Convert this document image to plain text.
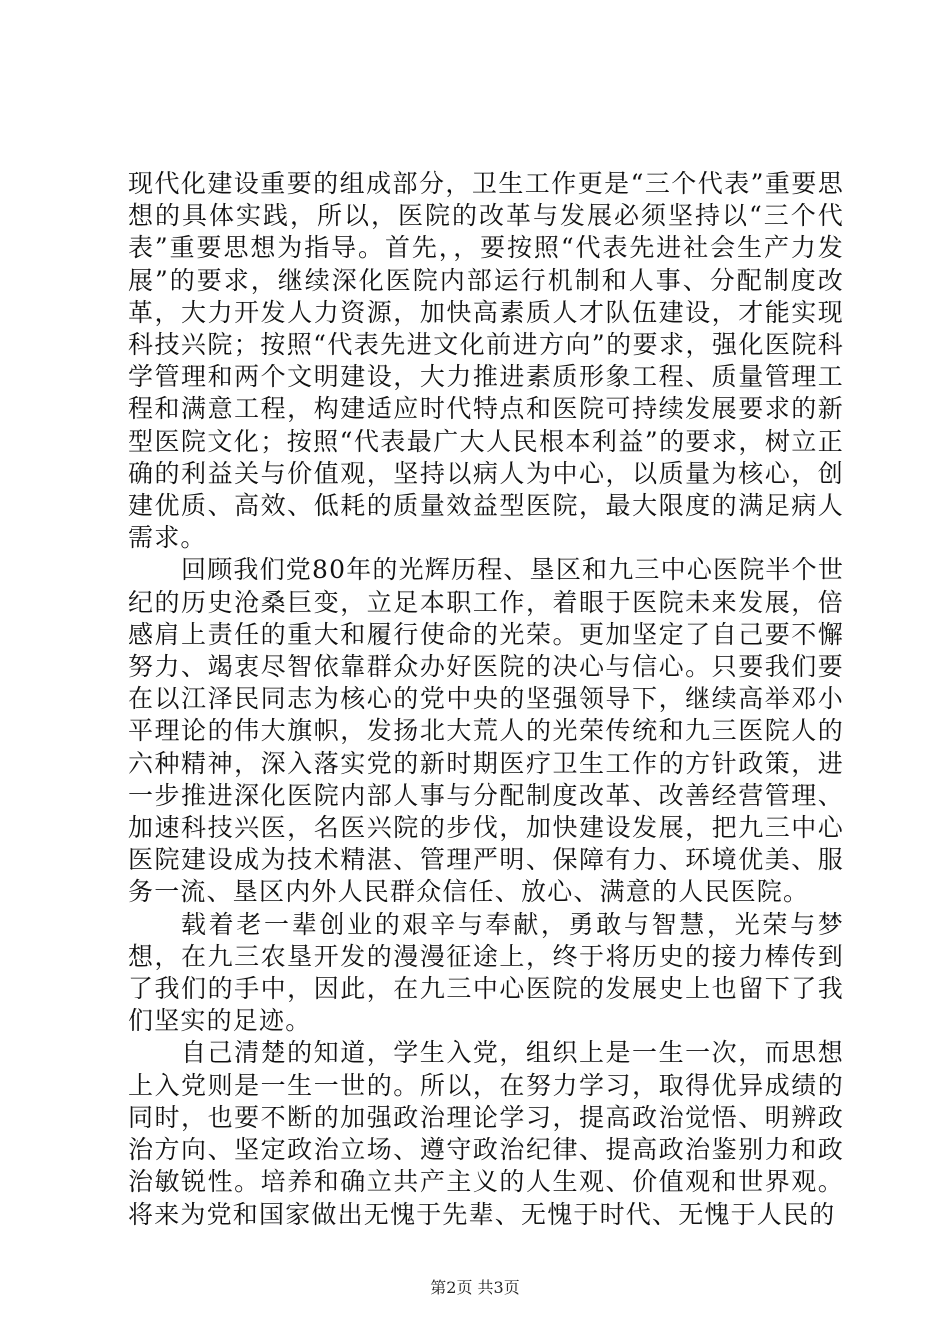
现代化建设重要的组成部分，卫生工作更是“三个代表”重要思想的具体实践，所以，医院的改革与发展必须坚持以“三个代表”重要思想为指导。首先，，要按照“代表先进社会生产力发展”的要求，继续深化医院内部运行机制和人事、分配制度改革，大力开发人力资源，加快高素质人才队伍建设，才能实现科技兴院；按照“代表先进文化前进方向”的要求，强化医院科学管理和两个文明建设，大力推进素质形象工程、质量管理工程和满意工程，构建适应时代特点和医院可持续发展要求的新型医院文化；按照“代表最广大人民根本利益”的要求，树立正确的利益关与价值观，坚持以病人为中心，以质量为核心，创建优质、高效、低耗的质量效益型医院，最大限度的满足病人需求。

回顾我们党80年的光辉历程、垦区和九三中心医院半个世纪的历史沧桑巨变，立足本职工作，着眼于医院未来发展，倍感肩上责任的重大和履行使命的光荣。更加坚定了自己要不懈努力、竭衷尽智依靠群众办好医院的决心与信心。只要我们要在以江泽民同志为核心的党中央的坚强领导下，继续高举邓小平理论的伟大旗帜，发扬北大荒人的光荣传统和九三医院人的六种精神，深入落实党的新时期医疗卫生工作的方针政策，进一步推进深化医院内部人事与分配制度改革、改善经营管理、加速科技兴医，名医兴院的步伐，加快建设发展，把九三中心医院建设成为技术精湛、管理严明、保障有力、环境优美、服务一流、垦区内外人民群众信任、放心、满意的人民医院。

载着老一辈创业的艰辛与奉献，勇敢与智慧，光荣与梦想，在九三农垦开发的漫漫征途上，终于将历史的接力棒传到了我们的手中，因此，在九三中心医院的发展史上也留下了我们坚实的足迹。

自己清楚的知道，学生入党，组织上是一生一次，而思想上入党则是一生一世的。所以，在努力学习，取得优异成绩的同时，也要不断的加强政治理论学习，提高政治觉悟、明辨政治方向、坚定政治立场、遵守政治纪律、提高政治鉴别力和政治敏锐性。培养和确立共产主义的人生观、价值观和世界观。将来为党和国家做出无愧于先辈、无愧于时代、无愧于人民的

第2页 共3页
